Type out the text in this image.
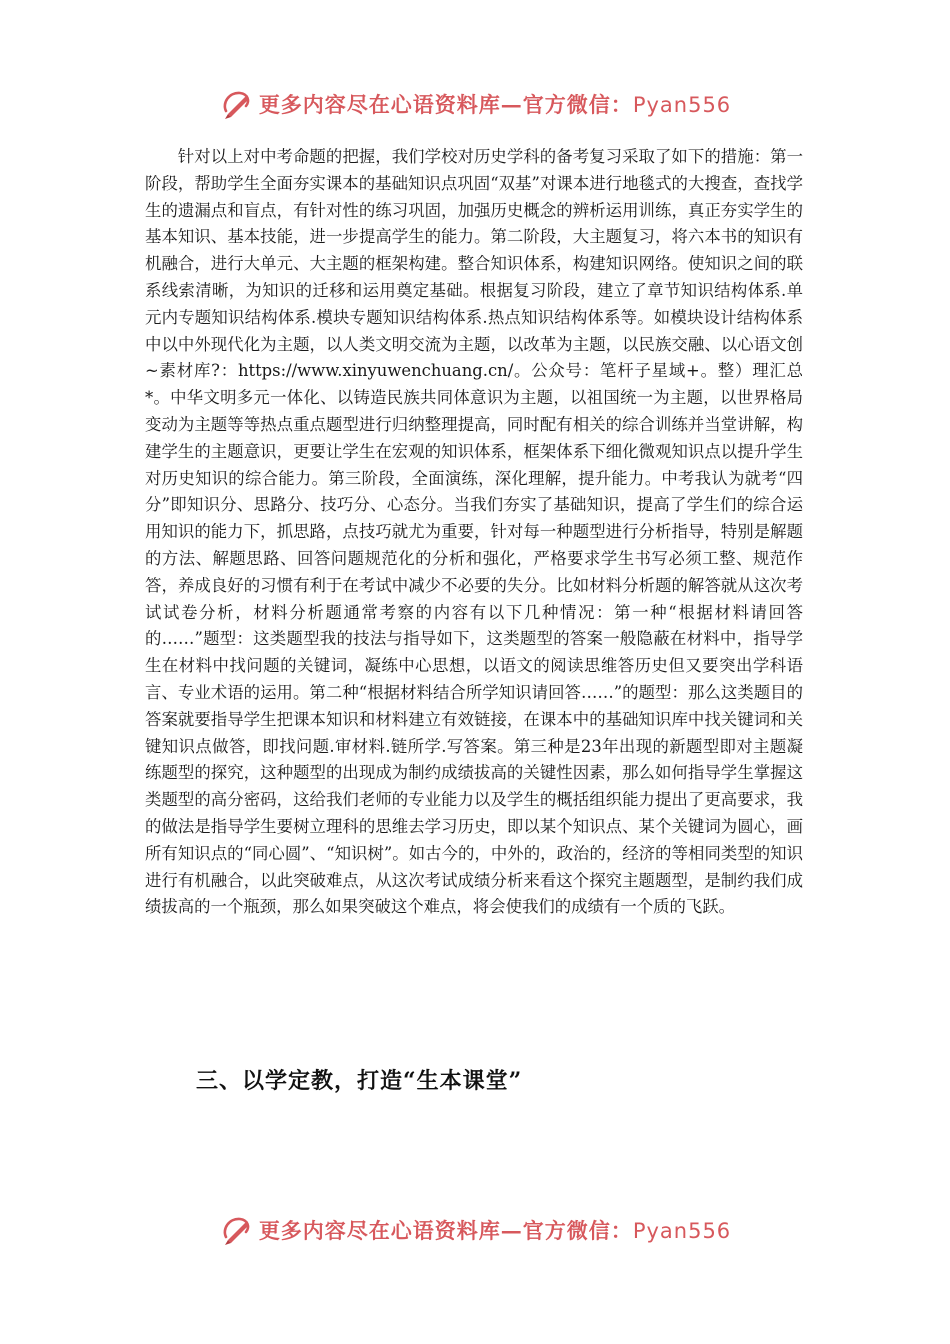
更多内容尽在心语资料库—官方微信：Pyan556

针对以上对中考命题的把握，我们学校对历史学科的备考复习采取了如下的措施：第一阶段，帮助学生全面夯实课本的基础知识点巩固“双基”对课本进行地毯式的大搜查，查找学生的遗漏点和盲点，有针对性的练习巩固，加强历史概念的辨析运用训练，真正夯实学生的基本知识、基本技能，进一步提高学生的能力。第二阶段，大主题复习，将六本书的知识有机融合，进行大单元、大主题的框架构建。整合知识体系，构建知识网络。使知识之间的联系线索清晰，为知识的迁移和运用奠定基础。根据复习阶段，建立了章节知识结构体系.单元内专题知识结构体系.模块专题知识结构体系.热点知识结构体系等。如模块设计结构体系中以中外现代化为主题，以人类文明交流为主题，以改革为主题，以民族交融、以心语文创~素材库?：https://www.xinyuwenchuang.cn/。公众号：笔杆子星域+。整）理汇总*。中华文明多元一体化、以铸造民族共同体意识为主题，以祖国统一为主题，以世界格局变动为主题等等热点重点题型进行归纳整理提高，同时配有相关的综合训练并当堂讲解，构建学生的主题意识，更要让学生在宏观的知识体系，框架体系下细化微观知识点以提升学生对历史知识的综合能力。第三阶段，全面演练，深化理解，提升能力。中考我认为就考“四分”即知识分、思路分、技巧分、心态分。当我们夯实了基础知识，提高了学生们的综合运用知识的能力下，抓思路，点技巧就尤为重要，针对每一种题型进行分析指导，特别是解题的方法、解题思路、回答问题规范化的分析和强化，严格要求学生书写必须工整、规范作答，养成良好的习惯有利于在考试中减少不必要的失分。比如材料分析题的解答就从这次考试试卷分析，材料分析题通常考察的内容有以下几种情况：第一种“根据材料请回答的……”题型：这类题型我的技法与指导如下，这类题型的答案一般隐蔽在材料中，指导学生在材料中找问题的关键词，凝练中心思想，以语文的阅读思维答历史但又要突出学科语言、专业术语的运用。第二种“根据材料结合所学知识请回答……”的题型：那么这类题目的答案就要指导学生把课本知识和材料建立有效链接，在课本中的基础知识库中找关键词和关键知识点做答，即找问题.审材料.链所学.写答案。第三种是23年出现的新题型即对主题凝练题型的探究，这种题型的出现成为制约成绩拔高的关键性因素，那么如何指导学生掌握这类题型的高分密码，这给我们老师的专业能力以及学生的概括组织能力提出了更高要求，我的做法是指导学生要树立理科的思维去学习历史，即以某个知识点、某个关键词为圆心，画所有知识点的“同心圆”、“知识树”。如古今的，中外的，政治的，经济的等相同类型的知识进行有机融合，以此突破难点，从这次考试成绩分析来看这个探究主题题型，是制约我们成绩拔高的一个瓶颈，那么如果突破这个难点，将会使我们的成绩有一个质的飞跃。

三、以学定教，打造“生本课堂”
更多内容尽在心语资料库—官方微信：Pyan556
